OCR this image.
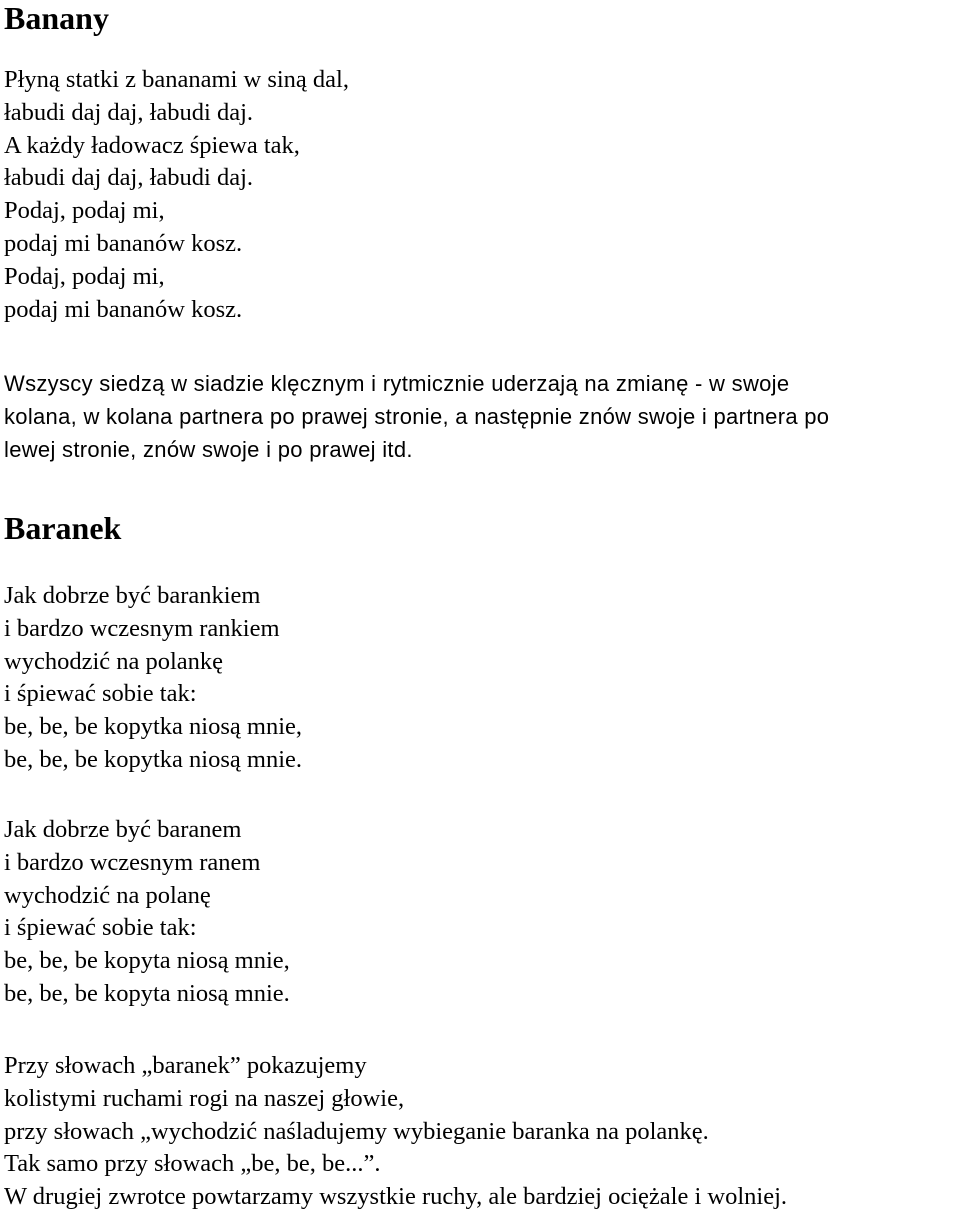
Banany
Płyną statki z bananami w siną dal,
łabudi daj daj, łabudi daj.
A każdy ładowacz śpiewa tak,
łabudi daj daj, łabudi daj.
Podaj, podaj mi,
podaj mi bananów kosz.
Podaj, podaj mi,
podaj mi bananów kosz.
Wszyscy siedzą w siadzie klęcznym i rytmicznie uderzają na zmianę - w swoje
kolana, w kolana partnera po prawej stronie, a następnie znów swoje i partnera po
lewej stronie, znów swoje i po prawej itd.
Baranek
Jak dobrze być barankiem
i bardzo wczesnym rankiem
wychodzić na polankę
i śpiewać sobie tak:
be, be, be kopytka niosą mnie,
be, be, be kopytka niosą mnie.
Jak dobrze być baranem
i bardzo wczesnym ranem
wychodzić na polanę
i śpiewać sobie tak:
be, be, be kopyta niosą mnie,
be, be, be kopyta niosą mnie.
Przy słowach „baranek” pokazujemy
kolistymi ruchami rogi na naszej głowie,
przy słowach „wychodzić naśladujemy wybieganie baranka na polankę.
Tak samo przy słowach „be, be, be...”.
W drugiej zwrotce powtarzamy wszystkie ruchy, ale bardziej ociężale i wolniej.
